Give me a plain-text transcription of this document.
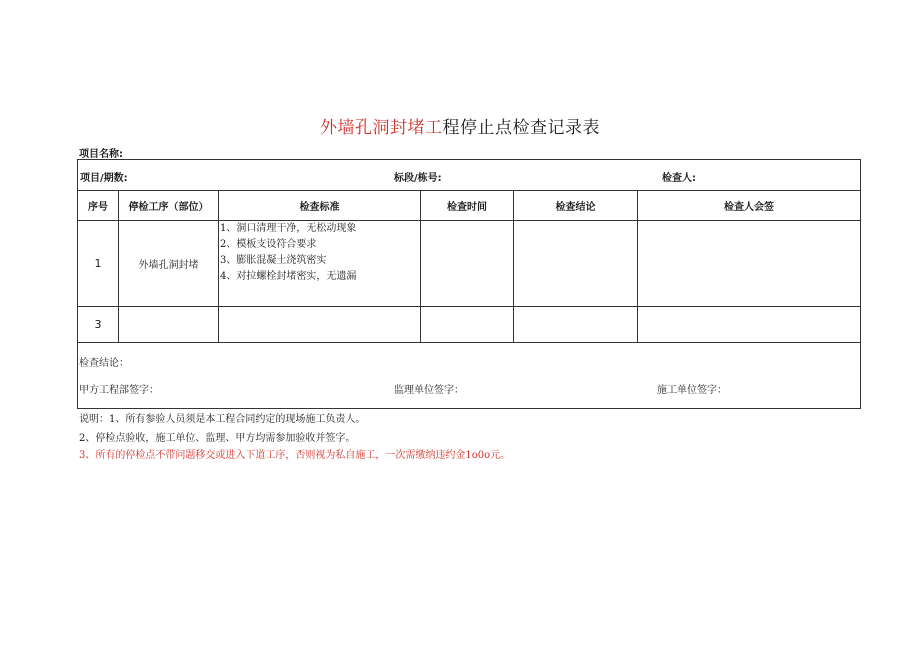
外墙孔洞封堵工程停止点检查记录表
项目名称:
项目/期数: 标段/栋号: 检查人:					

序号	停检工序（部位）	检查标准	检查时间	检查结论	检查人会签
1	外墙孔洞封堵	1、洞口清理干净，无松动现象
2、模板支设符合要求
3、膨胀混凝土浇筑密实
4、对拉螺栓封堵密实，无遗漏			

3					

检查结论：
甲方工程部签字： 监理单位签字： 施工单位签字：					
说明：1、所有参验人员须是本工程合同约定的现场施工负责人。
2、停检点验收，施工单位、监理、甲方均需参加验收并签字。
3、所有的停检点不带问题移交或进入下道工序，否则视为私自施工，一次需缴纳违约金1o0o元。
